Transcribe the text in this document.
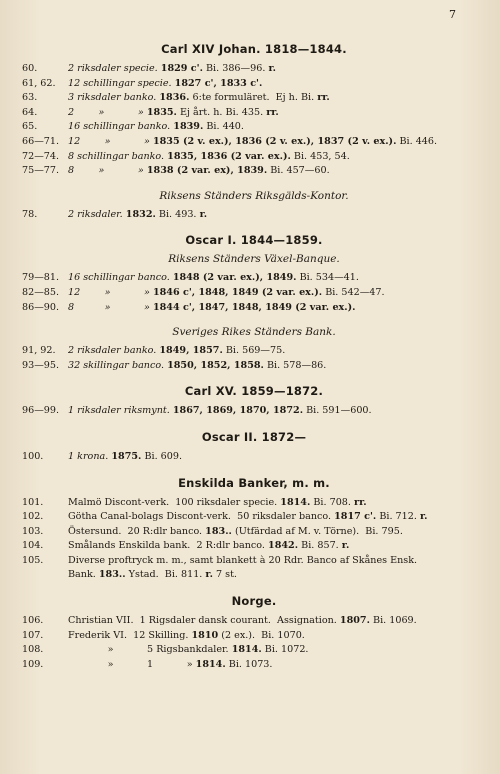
7
Carl XIV Johan. 1818—1844.
60.	2 riksdaler specie. 1829 c'. Bi. 386—96. r.
61, 62.	12 schillingar specie. 1827 c', 1833 c'.
63.	3 riksdaler banko. 1836. 6:te formuläret.  Ej h. Bi. rr.
64.	2        »           » 1835. Ej årt. h. Bi. 435. rr.
65.	16 schillingar banko. 1839. Bi. 440.
66—71. 12        »           » 1835 (2 v. ex.), 1836 (2 v. ex.), 1837 (2 v. ex.). Bi. 446.
72—74. 8 schillingar banko. 1835, 1836 (2 var. ex.). Bi. 453, 54.
75—77. 8        »           » 1838 (2 var. ex), 1839. Bi. 457—60.
Riksens Ständers Riksgälds-Kontor.
78.	2 riksdaler. 1832. Bi. 493. r.
Oscar I. 1844—1859.
Riksens Ständers Växel-Banque.
79—81. 16 schillingar banco. 1848 (2 var. ex.), 1849. Bi. 534—41.
82—85. 12        »           » 1846 c', 1848, 1849 (2 var. ex.). Bi. 542—47.
86—90. 8          »           » 1844 c', 1847, 1848, 1849 (2 var. ex.).
Sveriges Rikes Ständers Bank.
91, 92.	2 riksdaler banko. 1849, 1857. Bi. 569—75.
93—95. 32 skillingar banco. 1850, 1852, 1858. Bi. 578—86.
Carl XV. 1859—1872.
96—99. 1 riksdaler riksmynt. 1867, 1869, 1870, 1872. Bi. 591—600.
Oscar II. 1872—
100.	1 krona. 1875. Bi. 609.
Enskilda Banker, m. m.
101.	Malmö Discont-verk.  100 riksdaler specie. 1814. Bi. 708. rr.
102.	Götha Canal-bolags Discont-verk.  50 riksdaler banco. 1817 c'. Bi. 712. r.
103.	Östersund.  20 R:dlr banco. 183.. (Utfärdad af M. v. Törne).  Bi. 795.
104.	Smålands Enskilda bank.  2 R:dlr banco. 1842. Bi. 857. r.
105.	Diverse proftryck m. m., samt blankett à 20 Rdr. Banco af Skånes Ensk.
Bank. 183.. Ystad.  Bi. 811. r. 7 st.
Norge.
106.	Christian VII.  1 Rigsdaler dansk courant.  Assignation. 1807. Bi. 1069.
107.	Frederik VI.  12 Skilling. 1810 (2 ex.).  Bi. 1070.
108.	»           5 Rigsbankdaler. 1814. Bi. 1072.
109.	»           1           » 1814. Bi. 1073.
